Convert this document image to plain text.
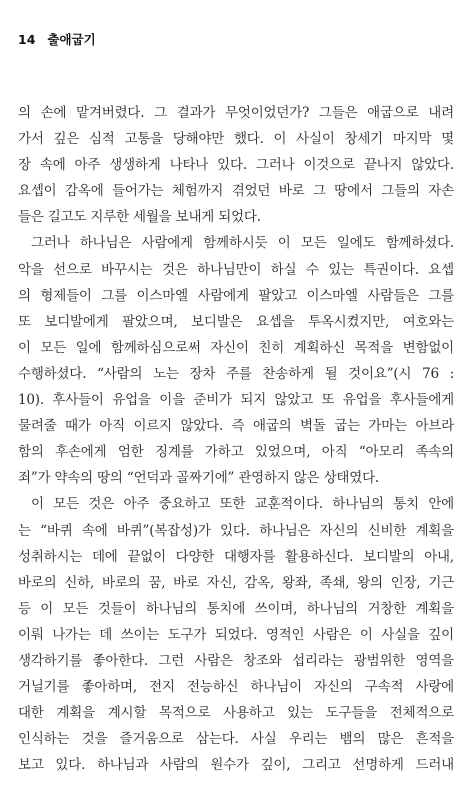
14 출애굽기
의 손에 맡겨버렸다. 그 결과가 무엇이었던가? 그들은 애굽으로 내려
가서 깊은 심적 고통을 당해야만 했다. 이 사실이 창세기 마지막 몇
장 속에 아주 생생하게 나타나 있다. 그러나 이것으로 끝나지 않았다.
요셉이 감옥에 들어가는 체험까지 겪었던 바로 그 땅에서 그들의 자손
들은 길고도 지루한 세월을 보내게 되었다.
그러나 하나님은 사람에게 함께하시듯 이 모든 일에도 함께하셨다.
악을 선으로 바꾸시는 것은 하나님만이 하실 수 있는 특권이다. 요셉
의 형제들이 그를 이스마엘 사람에게 팔았고 이스마엘 사람들은 그를
또 보디발에게 팔았으며, 보디발은 요셉을 투옥시켰지만, 여호와는
이 모든 일에 함께하심으로써 자신이 친히 계획하신 목적을 변함없이
수행하셨다. “사람의 노는 장차 주를 찬송하게 될 것이요”(시 76 :
10). 후사들이 유업을 이을 준비가 되지 않았고 또 유업을 후사들에게
물려줄 때가 아직 이르지 않았다. 즉 애굽의 벽돌 굽는 가마는 아브라
함의 후손에게 엄한 징계를 가하고 있었으며, 아직 “아모리 족속의
죄”가 약속의 땅의 “언덕과 골짜기에” 관영하지 않은 상태였다.
이 모든 것은 아주 중요하고 또한 교훈적이다. 하나님의 통치 안에
는 “바퀴 속에 바퀴”(복잡성)가 있다. 하나님은 자신의 신비한 계획을
성취하시는 데에 끝없이 다양한 대행자를 활용하신다. 보디발의 아내,
바로의 신하, 바로의 꿈, 바로 자신, 감옥, 왕좌, 족쇄, 왕의 인장, 기근
등 이 모든 것들이 하나님의 통치에 쓰이며, 하나님의 거창한 계획을
이뤄 나가는 데 쓰이는 도구가 되었다. 영적인 사람은 이 사실을 깊이
생각하기를 좋아한다. 그런 사람은 창조와 섭리라는 광범위한 영역을
거닐기를 좋아하며, 전지 전능하신 하나님이 자신의 구속적 사랑에
대한 계획을 계시할 목적으로 사용하고 있는 도구들을 전체적으로
인식하는 것을 즐거움으로 삼는다. 사실 우리는 뱀의 많은 흔적을
보고 있다. 하나님과 사람의 원수가 깊이, 그리고 선명하게 드러내
